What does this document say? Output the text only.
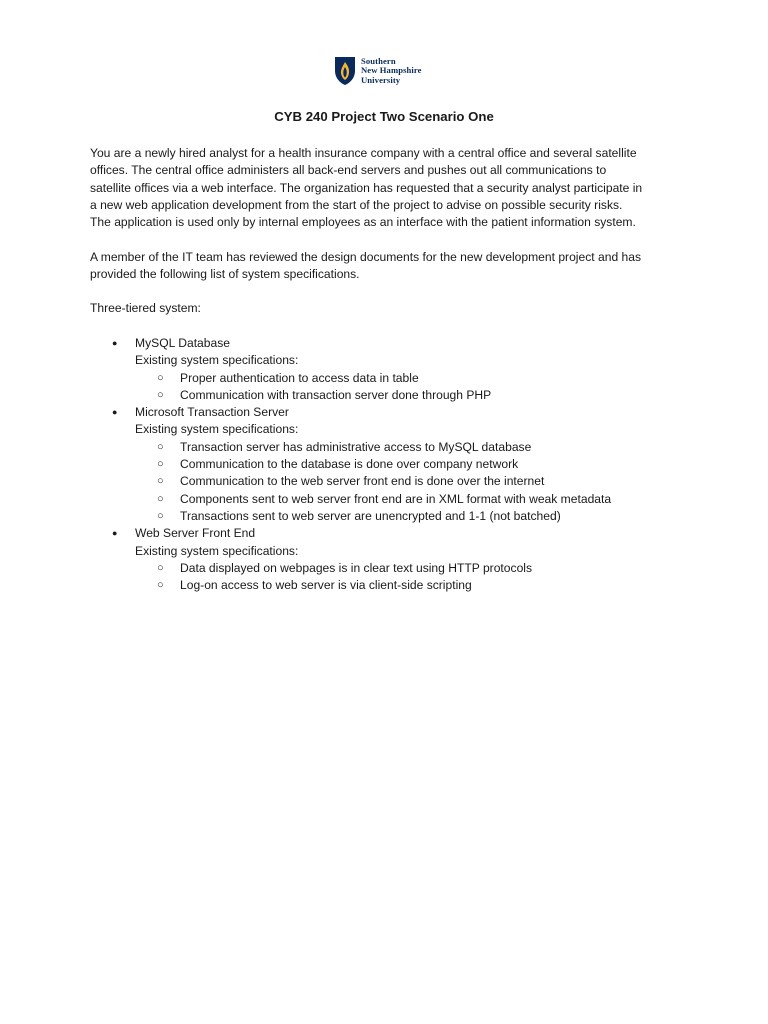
Southern
New Hampshire
University
CYB 240 Project Two Scenario One
You are a newly hired analyst for a health insurance company with a central office and several satellite
offices. The central office administers all back-end servers and pushes out all communications to
satellite offices via a web interface. The organization has requested that a security analyst participate in
a new web application development from the start of the project to advise on possible security risks.
The application is used only by internal employees as an interface with the patient information system.
A member of the IT team has reviewed the design documents for the new development project and has
provided the following list of system specifications.
Three-tiered system:
● MySQL Database
Existing system specifications:
○ Proper authentication to access data in table
○ Communication with transaction server done through PHP
● Microsoft Transaction Server
Existing system specifications:
○ Transaction server has administrative access to MySQL database
○ Communication to the database is done over company network
○ Communication to the web server front end is done over the internet
○ Components sent to web server front end are in XML format with weak metadata
○ Transactions sent to web server are unencrypted and 1-1 (not batched)
● Web Server Front End
Existing system specifications:
○ Data displayed on webpages is in clear text using HTTP protocols
○ Log-on access to web server is via client-side scripting
